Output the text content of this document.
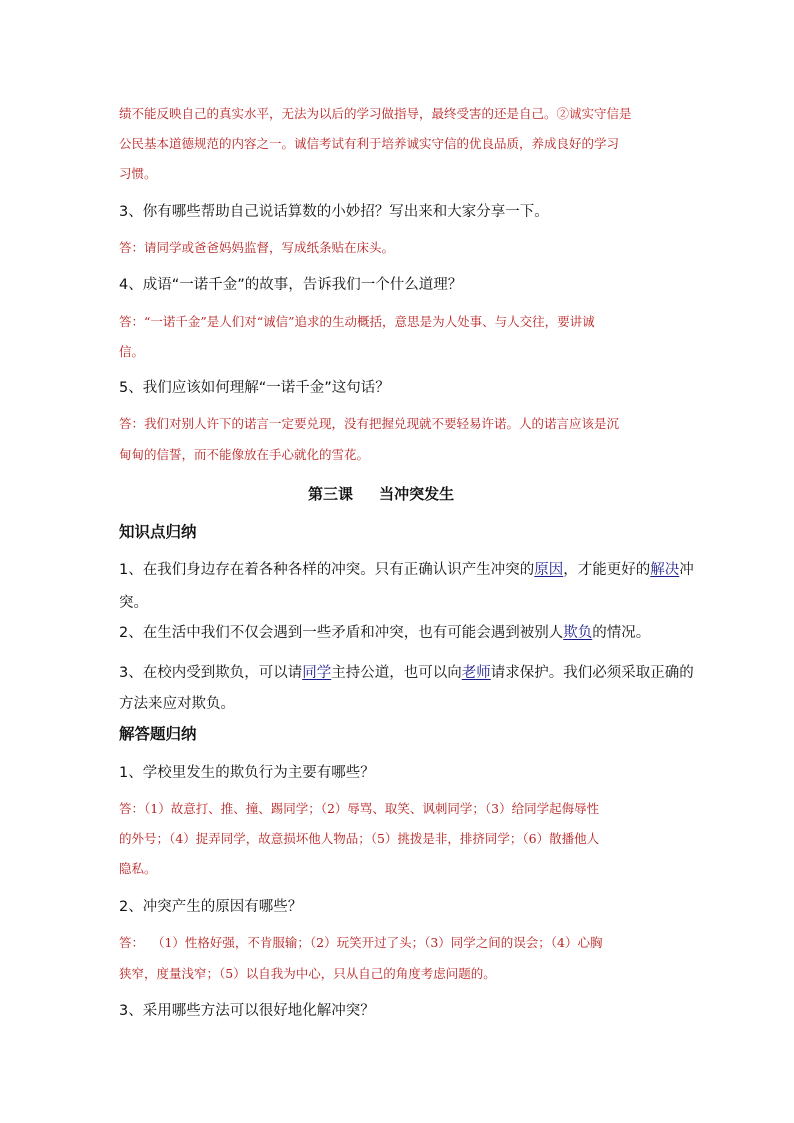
绩不能反映自己的真实水平，无法为以后的学习做指导，最终受害的还是自己。②诚实守信是
公民基本道德规范的内容之一。诚信考试有利于培养诚实守信的优良品质，养成良好的学习
习惯。
3、你有哪些帮助自己说话算数的小妙招？写出来和大家分享一下。
答：请同学或爸爸妈妈监督，写成纸条贴在床头。
4、成语“一诺千金”的故事，告诉我们一个什么道理？
答：“一诺千金”是人们对“诚信”追求的生动概括，意思是为人处事、与人交往，要讲诚
信。
5、我们应该如何理解“一诺千金”这句话？
答：我们对别人许下的诺言一定要兑现，没有把握兑现就不要轻易许诺。人的诺言应该是沉
甸甸的信誓，而不能像放在手心就化的雪花。
第三课     当冲突发生
知识点归纳
1、在我们身边存在着各种各样的冲突。只有正确认识产生冲突的原因，才能更好的解决冲
突。
2、在生活中我们不仅会遇到一些矛盾和冲突，也有可能会遇到被别人欺负的情况。
3、在校内受到欺负，可以请同学主持公道，也可以向老师请求保护。我们必须采取正确的
方法来应对欺负。
解答题归纳
1、学校里发生的欺负行为主要有哪些？
答：（1）故意打、推、撞、踢同学；（2）辱骂、取笑、讽刺同学；（3）给同学起侮辱性
的外号；（4）捉弄同学，故意损坏他人物品；（5）挑拨是非，排挤同学；（6）散播他人
隐私。
2、冲突产生的原因有哪些？
答：  （1）性格好强，不肯服输；（2）玩笑开过了头；（3）同学之间的误会；（4）心胸
狭窄，度量浅窄；（5）以自我为中心，只从自己的角度考虑问题的。
3、采用哪些方法可以很好地化解冲突？
